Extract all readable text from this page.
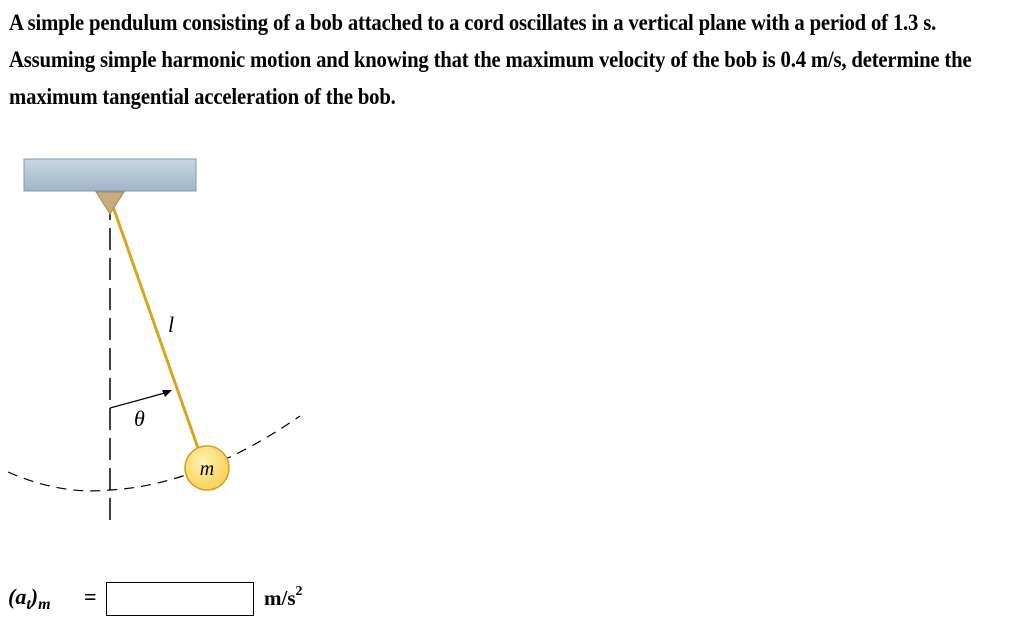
A simple pendulum consisting of a bob attached to a cord oscillates in a vertical plane with a period of 1.3 s. Assuming simple harmonic motion and knowing that the maximum velocity of the bob is 0.4 m/s, determine the maximum tangential acceleration of the bob.
l
θ
m
$(a_t)_m$ =	$m/s^2$
